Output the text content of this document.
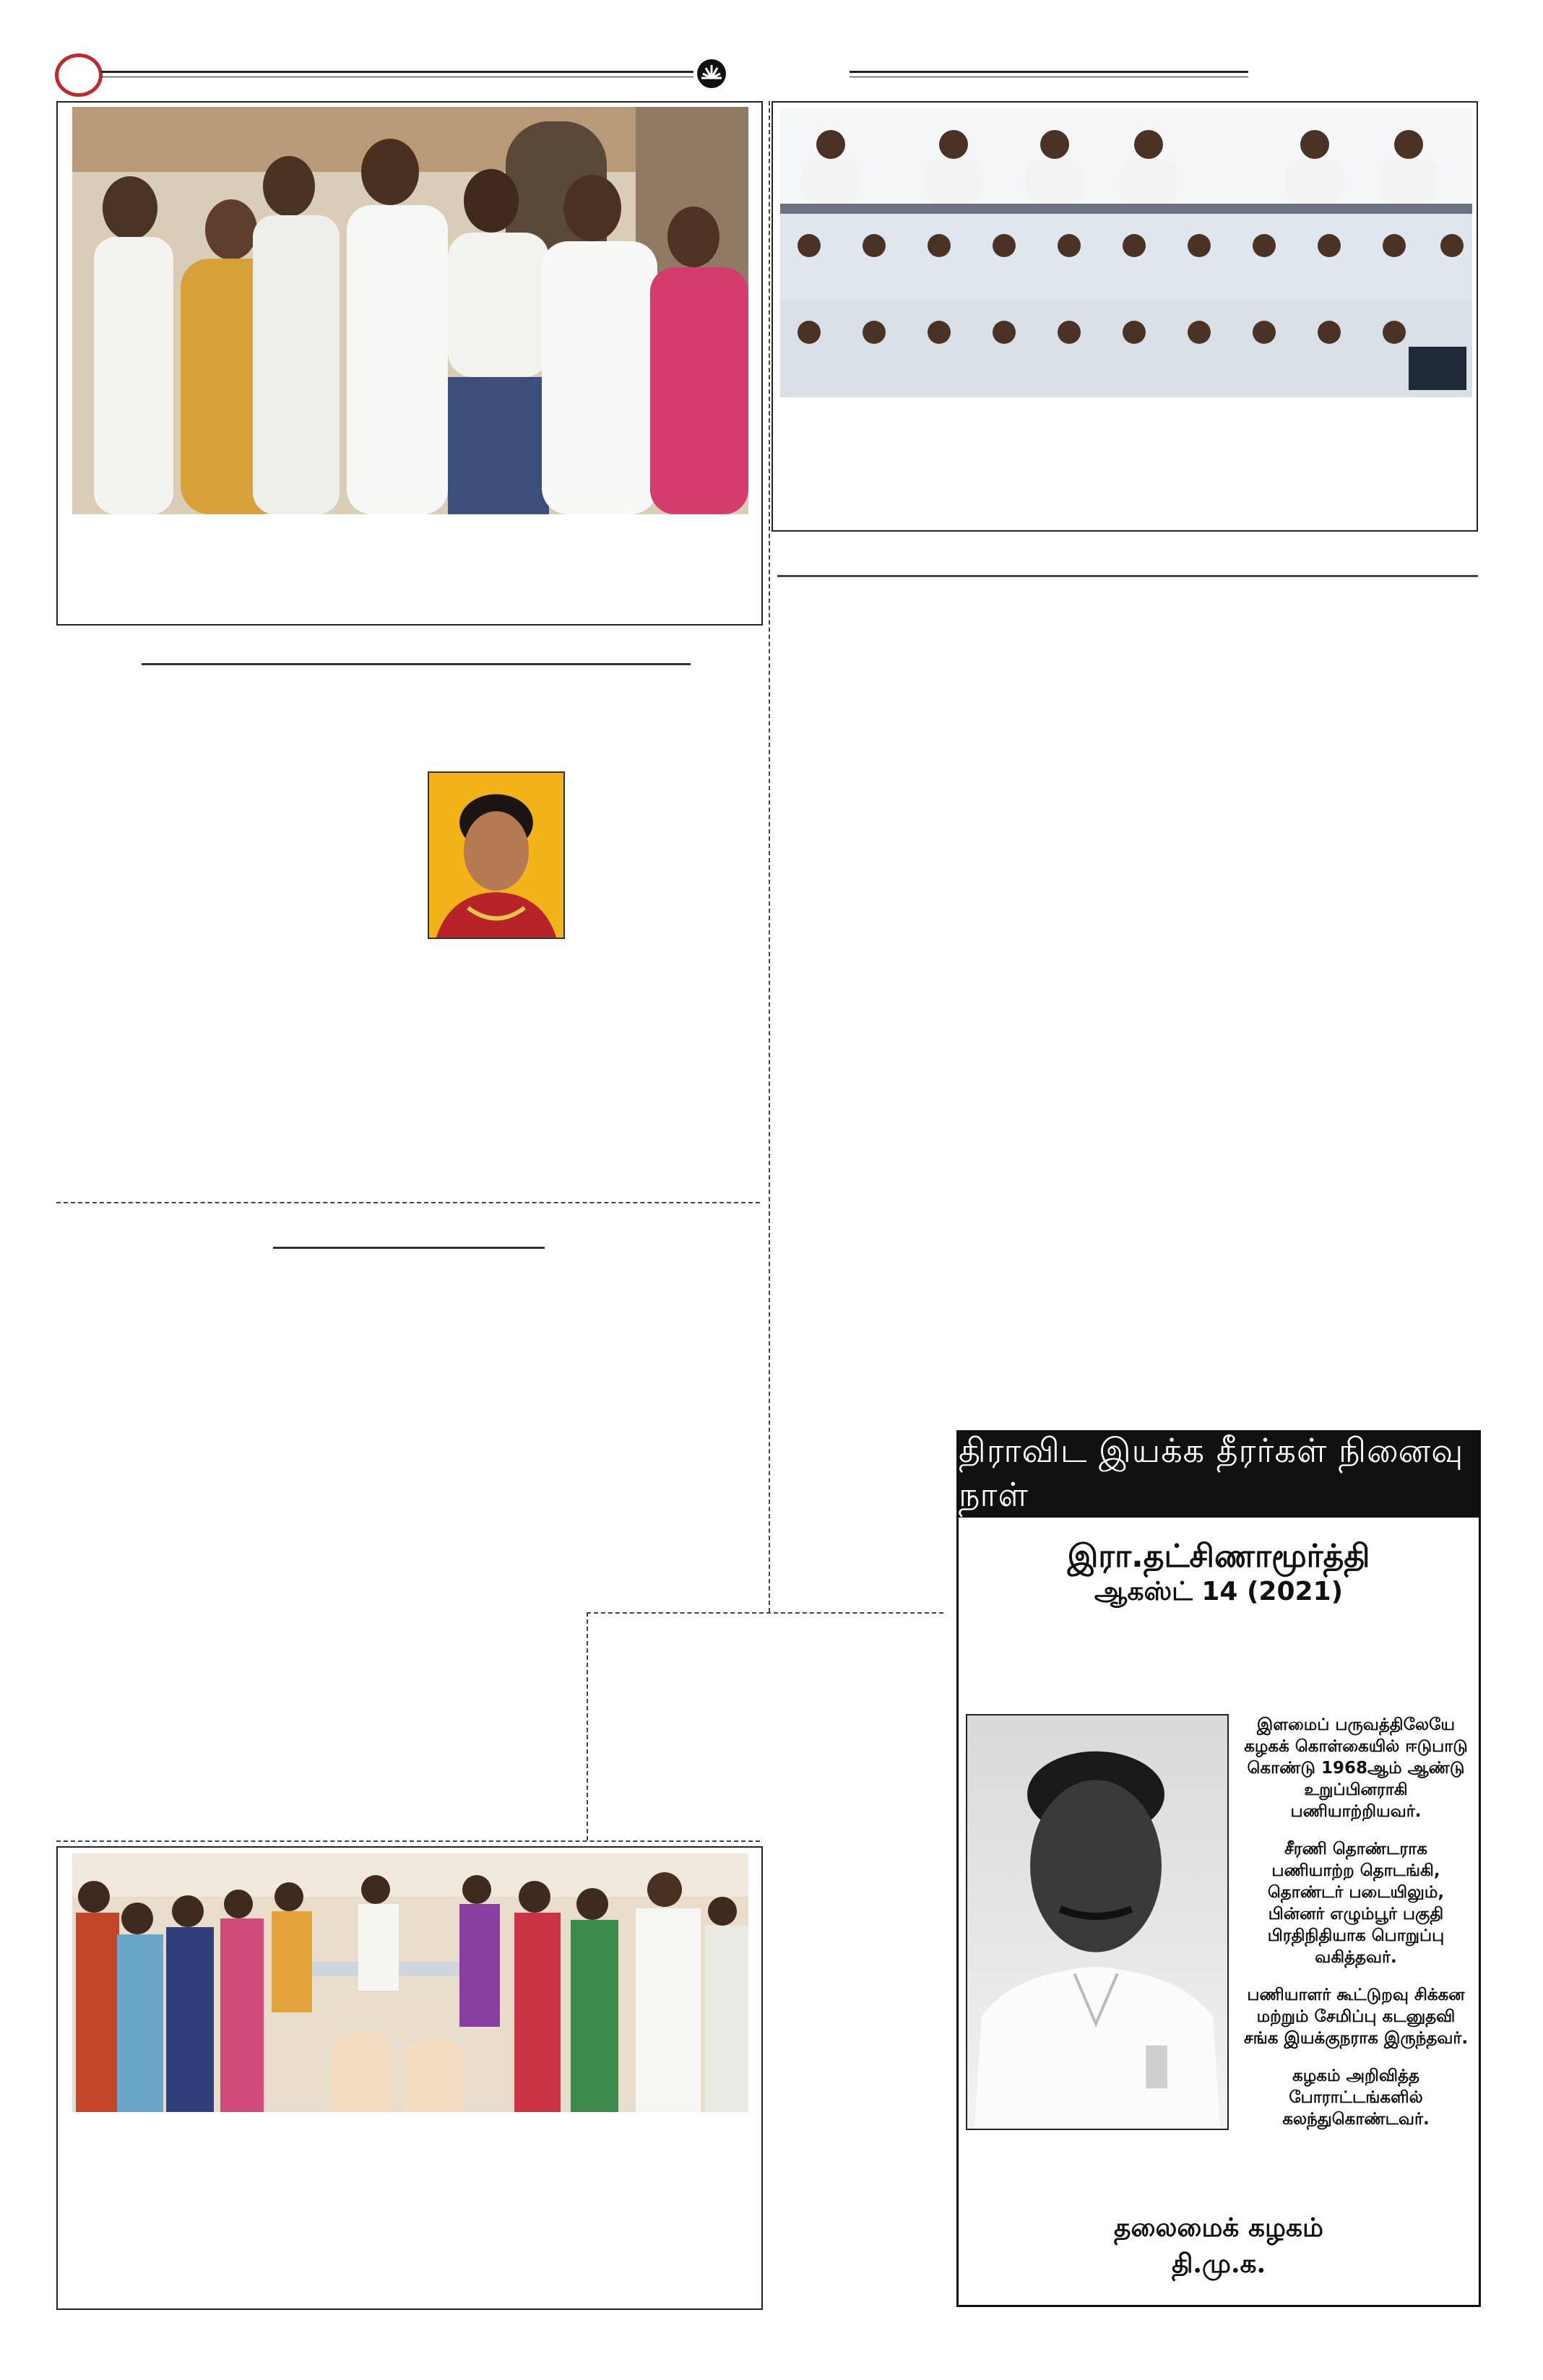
திராவிட இயக்க தீரர்கள் நினைவு நாள்
இரா.தட்சிணாமூர்த்தி
ஆகஸ்ட் 14 (2021)

இளமைப் பருவத்திலேயே கழகக் கொள்கையில் ஈடுபாடு கொண்டு 1968ஆம் ஆண்டு உறுப்பினராகி பணியாற்றியவர்.

சீரணி தொண்டராக பணியாற்ற தொடங்கி, தொண்டர் படையிலும், பின்னர் எழும்பூர் பகுதி பிரதிநிதியாக பொறுப்பு வகித்தவர்.

பணியாளர் கூட்டுறவு சிக்கன மற்றும் சேமிப்பு கடனுதவி சங்க இயக்குநராக இருந்தவர்.

கழகம் அறிவித்த போராட்டங்களில் கலந்துகொண்டவர்.

தலைமைக் கழகம்
தி.மு.க.
